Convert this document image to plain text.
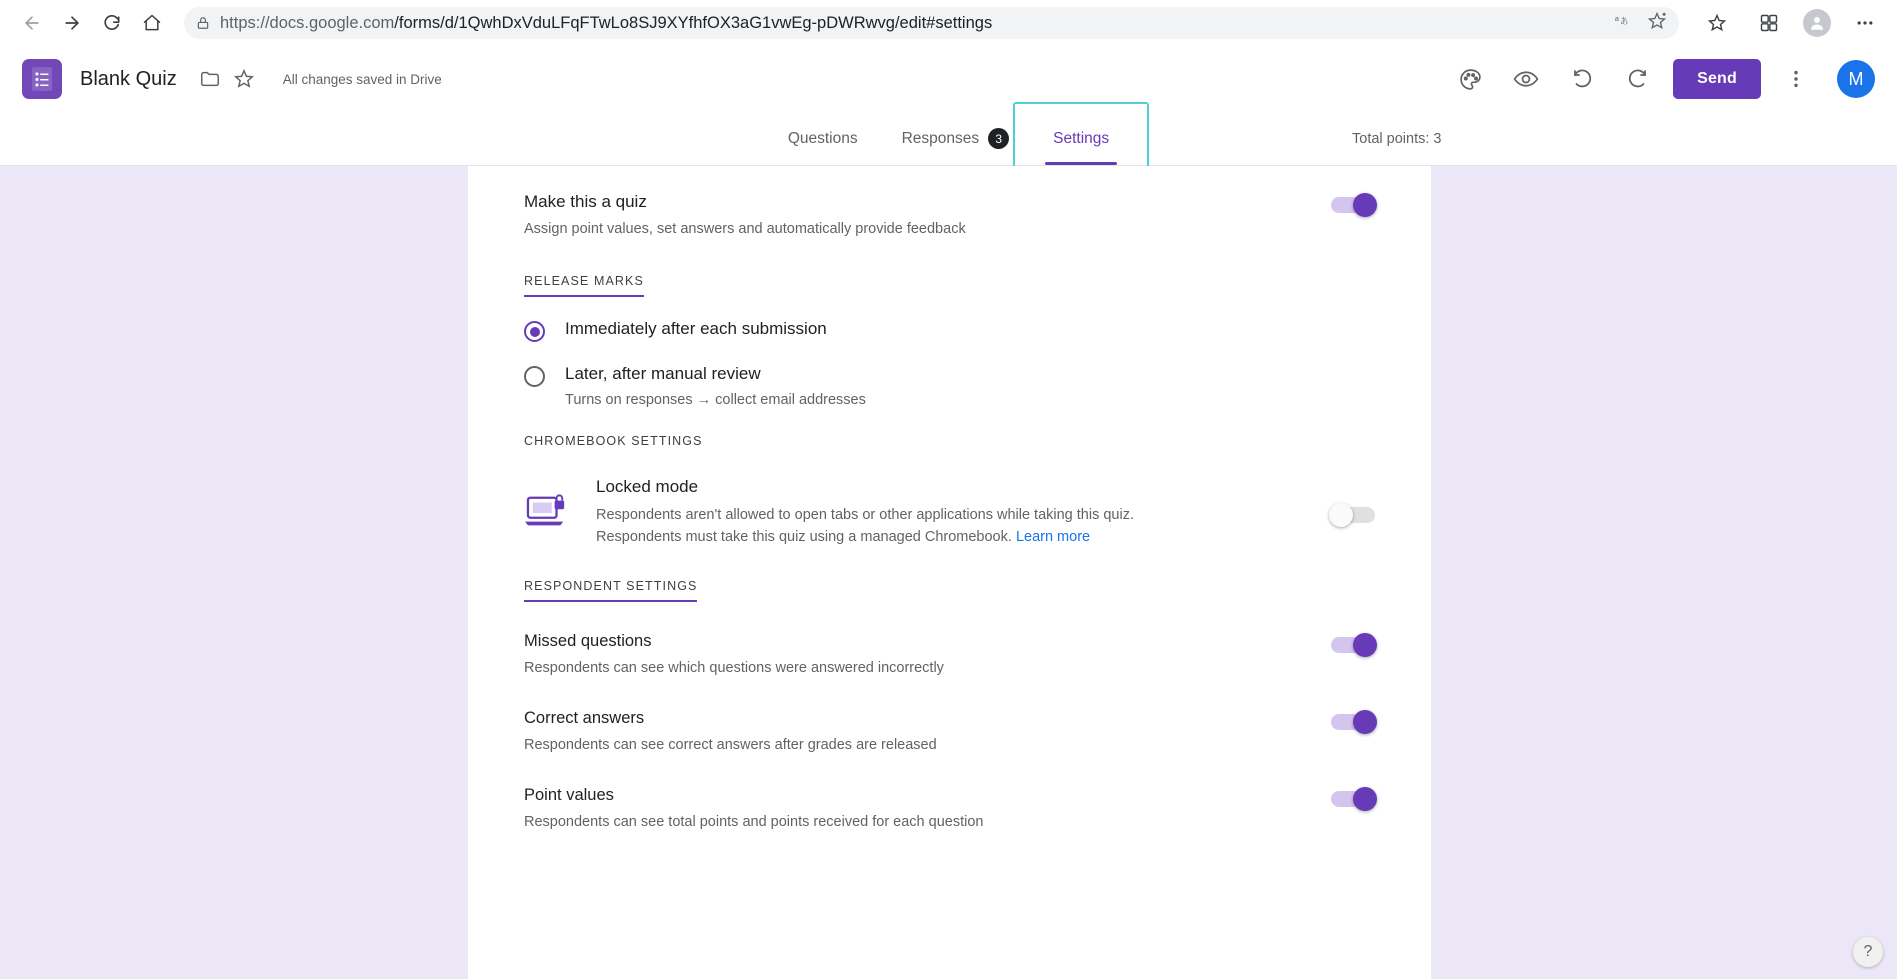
https://docs.google.com/forms/d/1QwhDxVduLFqFTwLo8SJ9XYfhfOX3aG1vwEg-pDWRwvg/edit#settings	a あ
Blank Quiz	All changes saved in Drive	Send	M
Questions	Responses	3	Settings	Total points: 3
Make this a quiz
Assign point values, set answers and automatically provide feedback
RELEASE MARKS
Immediately after each submission
Later, after manual review
Turns on responses → collect email addresses
CHROMEBOOK SETTINGS
Locked mode
Respondents aren't allowed to open tabs or other applications while taking this quiz. Respondents must take this quiz using a managed Chromebook. Learn more
RESPONDENT SETTINGS
Missed questions
Respondents can see which questions were answered incorrectly
Correct answers
Respondents can see correct answers after grades are released
Point values
Respondents can see total points and points received for each question
?
